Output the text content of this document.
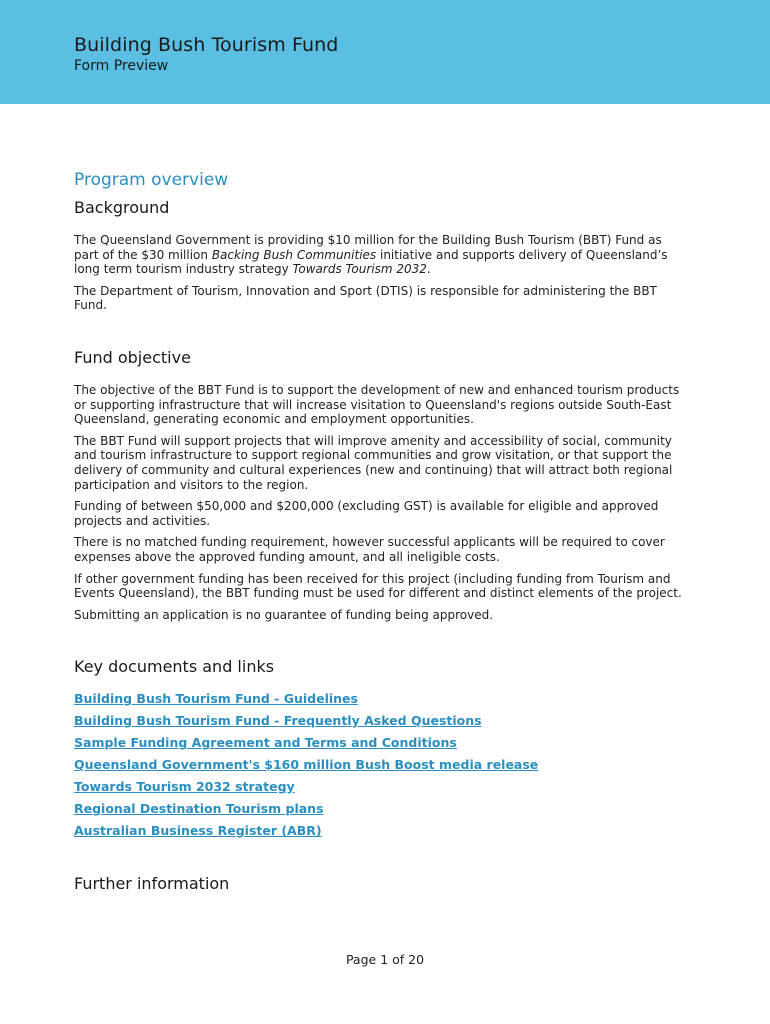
Building Bush Tourism Fund
Form Preview
Program overview
Background

The Queensland Government is providing $10 million for the Building Bush Tourism (BBT) Fund as part of the $30 million Backing Bush Communities initiative and supports delivery of Queensland’s long term tourism industry strategy Towards Tourism 2032.

The Department of Tourism, Innovation and Sport (DTIS) is responsible for administering the BBT Fund.

Fund objective

The objective of the BBT Fund is to support the development of new and enhanced tourism products or supporting infrastructure that will increase visitation to Queensland's regions outside South-East Queensland, generating economic and employment opportunities.

The BBT Fund will support projects that will improve amenity and accessibility of social, community and tourism infrastructure to support regional communities and grow visitation, or that support the delivery of community and cultural experiences (new and continuing) that will attract both regional participation and visitors to the region.

Funding of between $50,000 and $200,000 (excluding GST) is available for eligible and approved projects and activities.

There is no matched funding requirement, however successful applicants will be required to cover expenses above the approved funding amount, and all ineligible costs.

If other government funding has been received for this project (including funding from Tourism and Events Queensland), the BBT funding must be used for different and distinct elements of the project.

Submitting an application is no guarantee of funding being approved.

Key documents and links
Building Bush Tourism Fund - Guidelines
Building Bush Tourism Fund - Frequently Asked Questions
Sample Funding Agreement and Terms and Conditions
Queensland Government's $160 million Bush Boost media release
Towards Tourism 2032 strategy
Regional Destination Tourism plans
Australian Business Register (ABR)
Further information
Page 1 of 20
